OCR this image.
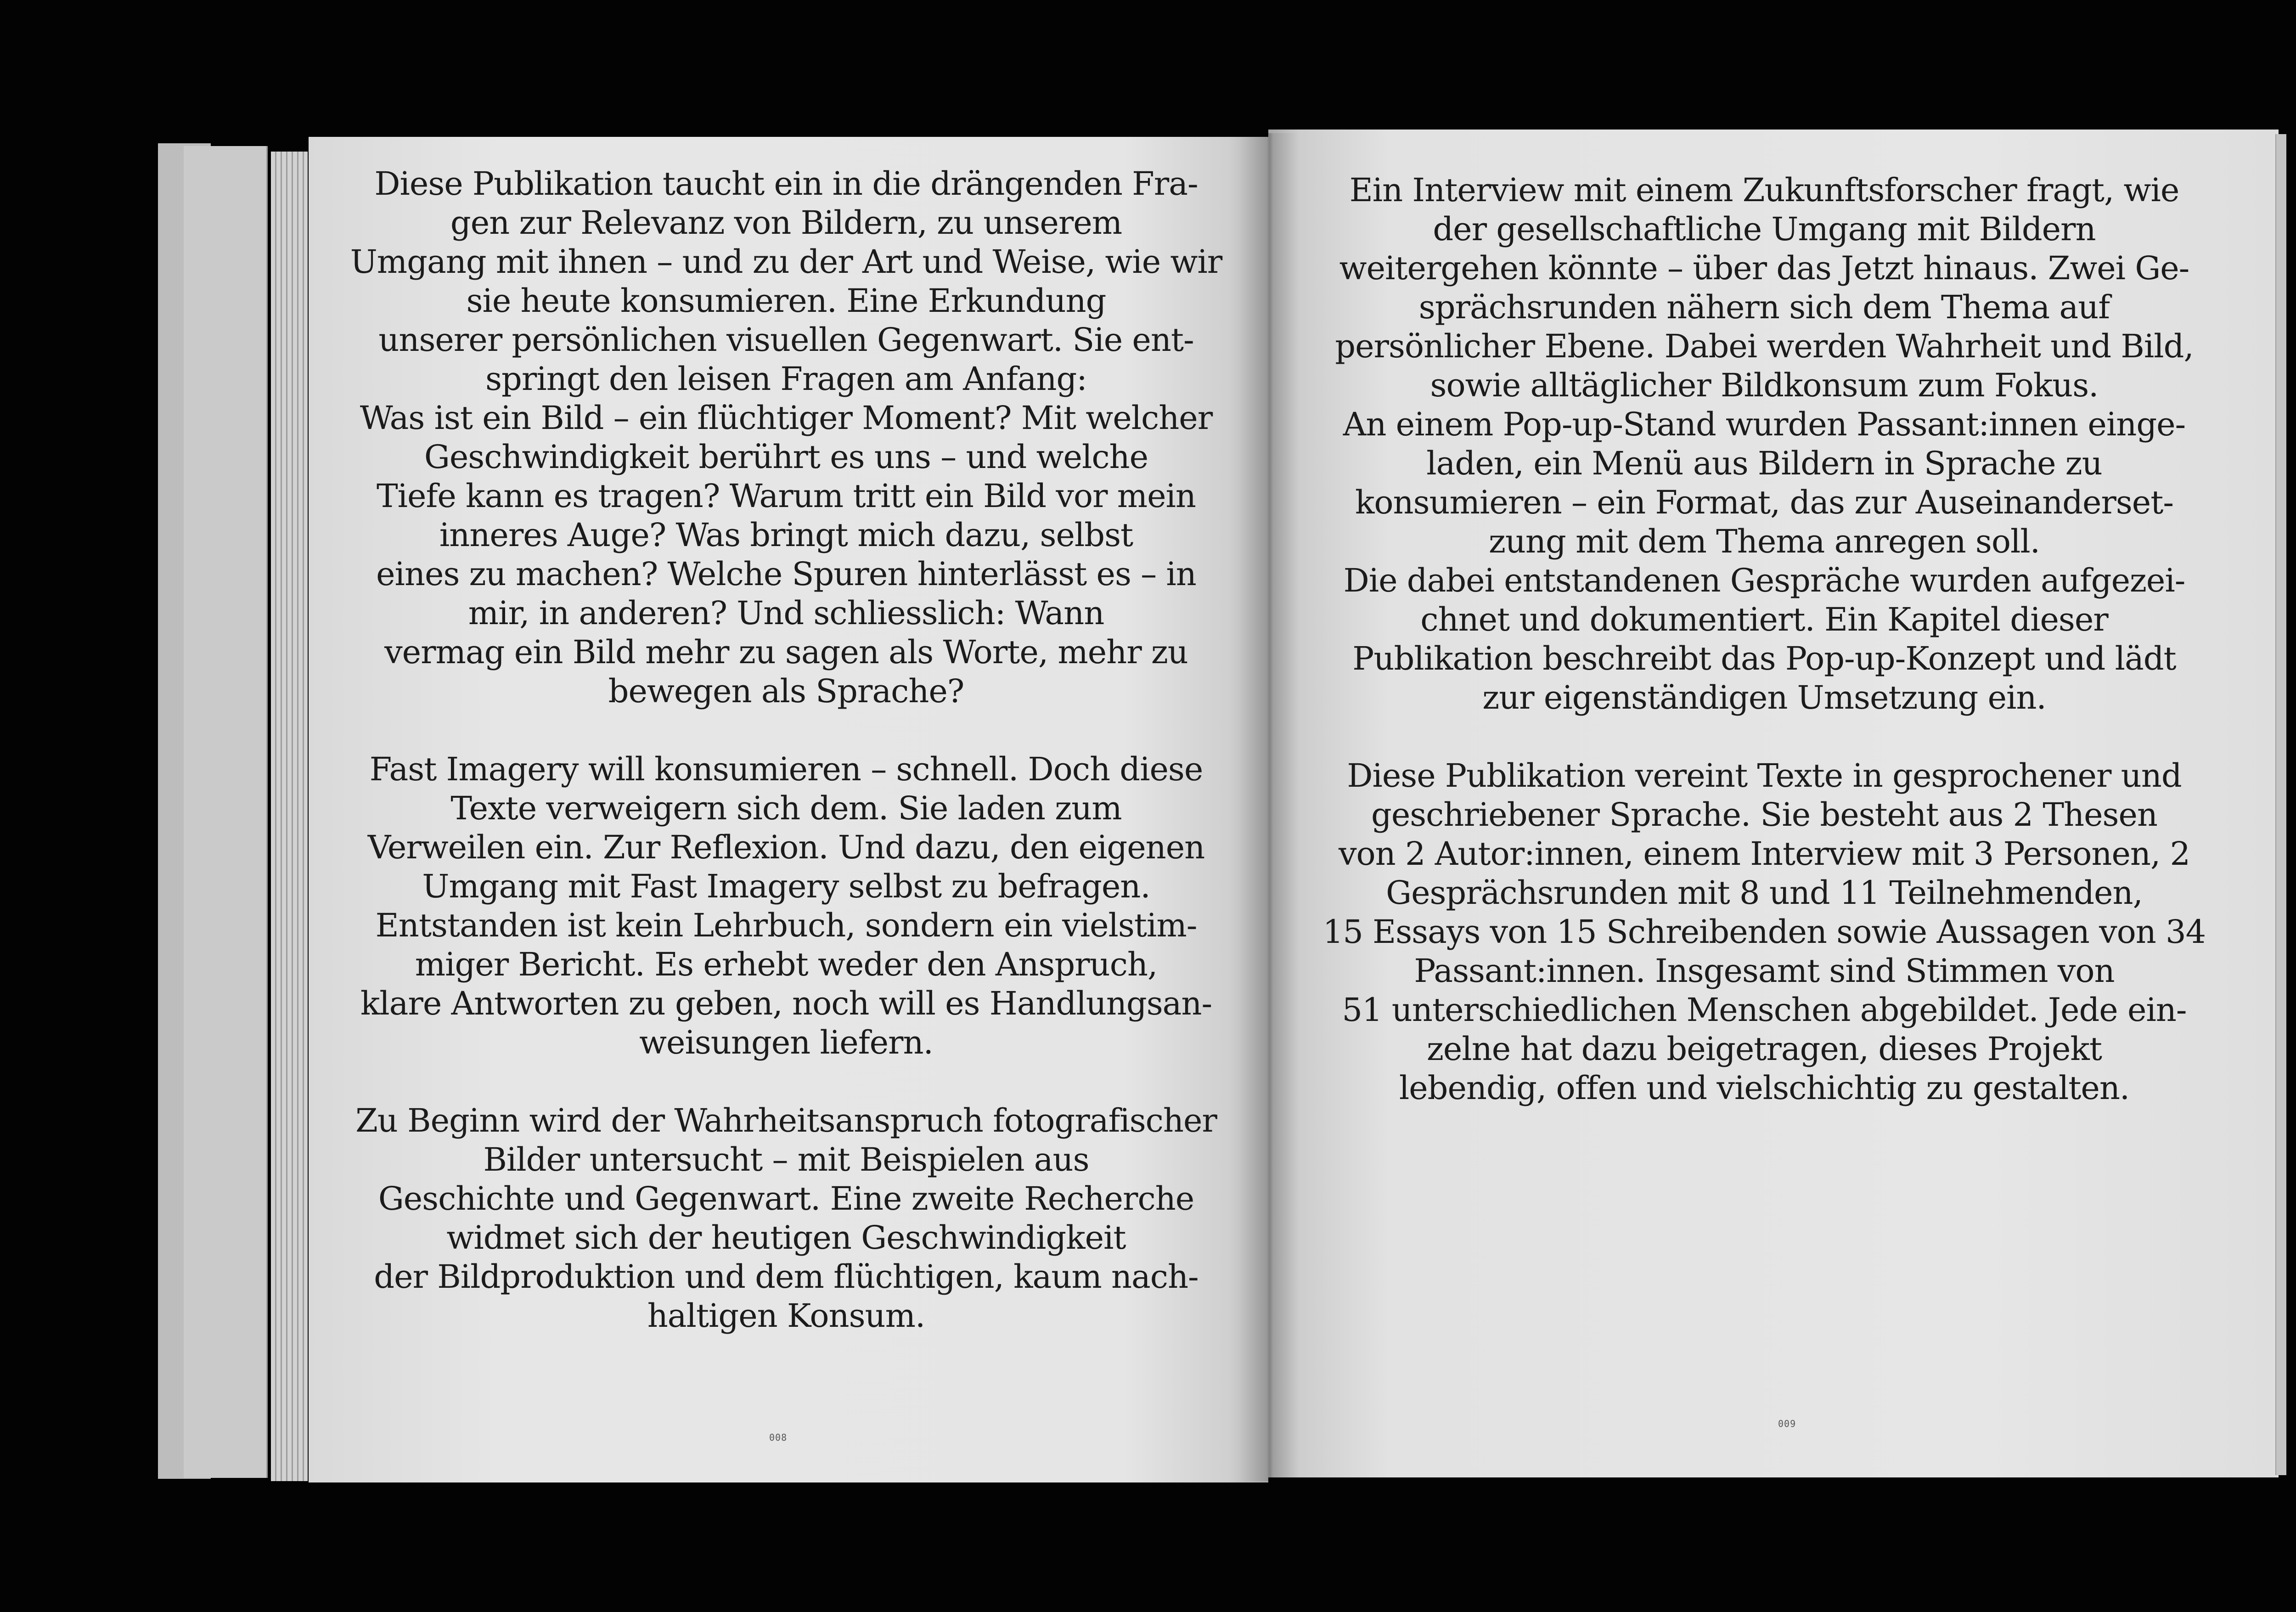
Diese Publikation taucht ein in die drängenden Fra-
gen zur Relevanz von Bildern, zu unserem
Umgang mit ihnen – und zu der Art und Weise, wie wir
sie heute konsumieren. Eine Erkundung
unserer persönlichen visuellen Gegenwart. Sie ent-
springt den leisen Fragen am Anfang:
Was ist ein Bild – ein flüchtiger Moment? Mit welcher
Geschwindigkeit berührt es uns – und welche
Tiefe kann es tragen? Warum tritt ein Bild vor mein
inneres Auge? Was bringt mich dazu, selbst
eines zu machen? Welche Spuren hinterlässt es – in
mir, in anderen? Und schliesslich: Wann
vermag ein Bild mehr zu sagen als Worte, mehr zu
bewegen als Sprache?
Fast Imagery will konsumieren – schnell. Doch diese
Texte verweigern sich dem. Sie laden zum
Verweilen ein. Zur Reflexion. Und dazu, den eigenen
Umgang mit Fast Imagery selbst zu befragen.
Entstanden ist kein Lehrbuch, sondern ein vielstim-
miger Bericht. Es erhebt weder den Anspruch,
klare Antworten zu geben, noch will es Handlungsan-
weisungen liefern.
Zu Beginn wird der Wahrheitsanspruch fotografischer
Bilder untersucht – mit Beispielen aus
Geschichte und Gegenwart. Eine zweite Recherche
widmet sich der heutigen Geschwindigkeit
der Bildproduktion und dem flüchtigen, kaum nach-
haltigen Konsum.
008
Ein Interview mit einem Zukunftsforscher fragt, wie
der gesellschaftliche Umgang mit Bildern
weitergehen könnte – über das Jetzt hinaus. Zwei Ge-
sprächsrunden nähern sich dem Thema auf
persönlicher Ebene. Dabei werden Wahrheit und Bild,
sowie alltäglicher Bildkonsum zum Fokus.
An einem Pop-up-Stand wurden Passant:innen einge-
laden, ein Menü aus Bildern in Sprache zu
konsumieren – ein Format, das zur Auseinanderset-
zung mit dem Thema anregen soll.
Die dabei entstandenen Gespräche wurden aufgezei-
chnet und dokumentiert. Ein Kapitel dieser
Publikation beschreibt das Pop-up-Konzept und lädt
zur eigenständigen Umsetzung ein.
Diese Publikation vereint Texte in gesprochener und
geschriebener Sprache. Sie besteht aus 2 Thesen
von 2 Autor:innen, einem Interview mit 3 Personen, 2
Gesprächsrunden mit 8 und 11 Teilnehmenden,
15 Essays von 15 Schreibenden sowie Aussagen von 34
Passant:innen. Insgesamt sind Stimmen von
51 unterschiedlichen Menschen abgebildet. Jede ein-
zelne hat dazu beigetragen, dieses Projekt
lebendig, offen und vielschichtig zu gestalten.
009
